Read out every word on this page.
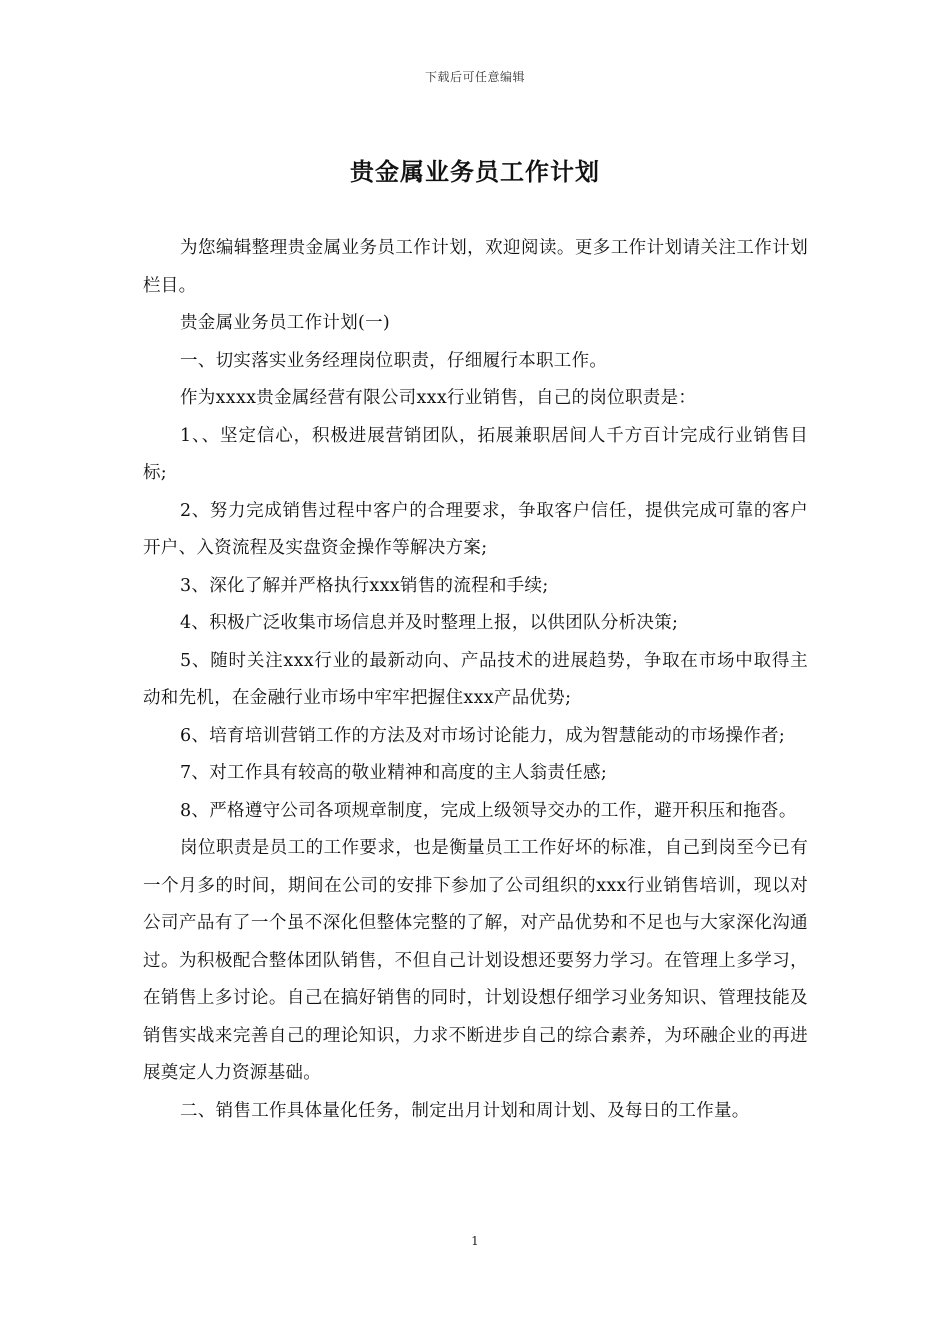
下载后可任意编辑
贵金属业务员工作计划

为您编辑整理贵金属业务员工作计划，欢迎阅读。更多工作计划请关注工作计划栏目。

贵金属业务员工作计划(一)

一、切实落实业务经理岗位职责，仔细履行本职工作。

作为xxxx贵金属经营有限公司xxx行业销售，自己的岗位职责是：

1、、坚定信心，积极进展营销团队，拓展兼职居间人千方百计完成行业销售目标;

2、努力完成销售过程中客户的合理要求，争取客户信任，提供完成可靠的客户开户、入资流程及实盘资金操作等解决方案;

3、深化了解并严格执行xxx销售的流程和手续;

4、积极广泛收集市场信息并及时整理上报，以供团队分析决策;

5、随时关注xxx行业的最新动向、产品技术的进展趋势，争取在市场中取得主动和先机，在金融行业市场中牢牢把握住xxx产品优势;

6、培育培训营销工作的方法及对市场讨论能力，成为智慧能动的市场操作者;

7、对工作具有较高的敬业精神和高度的主人翁责任感;

8、严格遵守公司各项规章制度，完成上级领导交办的工作，避开积压和拖沓。

岗位职责是员工的工作要求，也是衡量员工工作好坏的标准，自己到岗至今已有一个月多的时间，期间在公司的安排下参加了公司组织的xxx行业销售培训，现以对公司产品有了一个虽不深化但整体完整的了解，对产品优势和不足也与大家深化沟通过。为积极配合整体团队销售，不但自己计划设想还要努力学习。在管理上多学习，在销售上多讨论。自己在搞好销售的同时，计划设想仔细学习业务知识、管理技能及销售实战来完善自己的理论知识，力求不断进步自己的综合素养，为环融企业的再进展奠定人力资源基础。

二、销售工作具体量化任务，制定出月计划和周计划、及每日的工作量。

1
